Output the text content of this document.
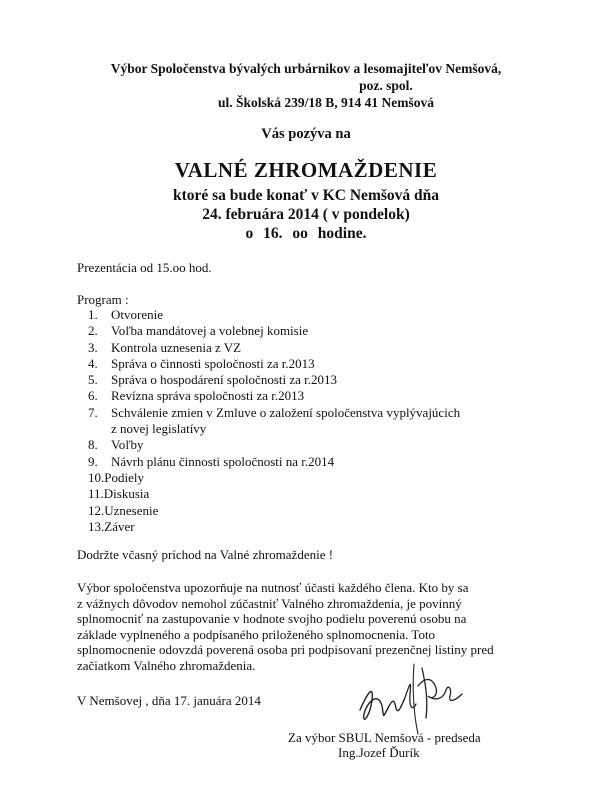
Výbor Spoločenstva bývalých urbárnikov a lesomajiteľov Nemšová,
poz. spol.
ul. Školská 239/18 B, 914 41 Nemšová
Vás pozýva na
VALNÉ ZHROMAŽDENIE
ktoré sa bude konať v KC Nemšová dňa
24. februára 2014 ( v pondelok)
o 16. oo hodine.
Prezentácia od 15.oo hod.
Program :
1.	Otvorenie
2.	Voľba mandátovej a volebnej komisie
3.	Kontrola uznesenia z VZ
4.	Správa o činnosti spoločnosti za r.2013
5.	Správa o hospodárení spoločnosti za r.2013
6.	Revízna správa spoločnosti za r.2013
7.	Schválenie zmien v Zmluve o založení spoločenstva vyplývajúcich
z novej legislatívy
8.	Voľby
9.	Návrh plánu činnosti spoločnosti na r.2014
10. Podiely
11. Diskusia
12. Uznesenie
13. Záver
Dodržte včasný príchod na Valné zhromaždenie !
Výbor spoločenstva upozorňuje na nutnosť účasti každého člena. Kto by sa
z vážnych dôvodov nemohol zúčastniť Valného zhromaždenia, je povinný
splnomocniť na zastupovanie v hodnote svojho podielu poverenú osobu na
základe vyplneného a podpísaného priloženého splnomocnenia. Toto
splnomocnenie odovzdá poverená osoba pri podpisovaní prezenčnej listiny pred
začiatkom Valného zhromaždenia.
V Nemšovej , dňa 17. januára 2014
Za výbor SBUL Nemšová - predseda
Ing.Jozef Ďurík
